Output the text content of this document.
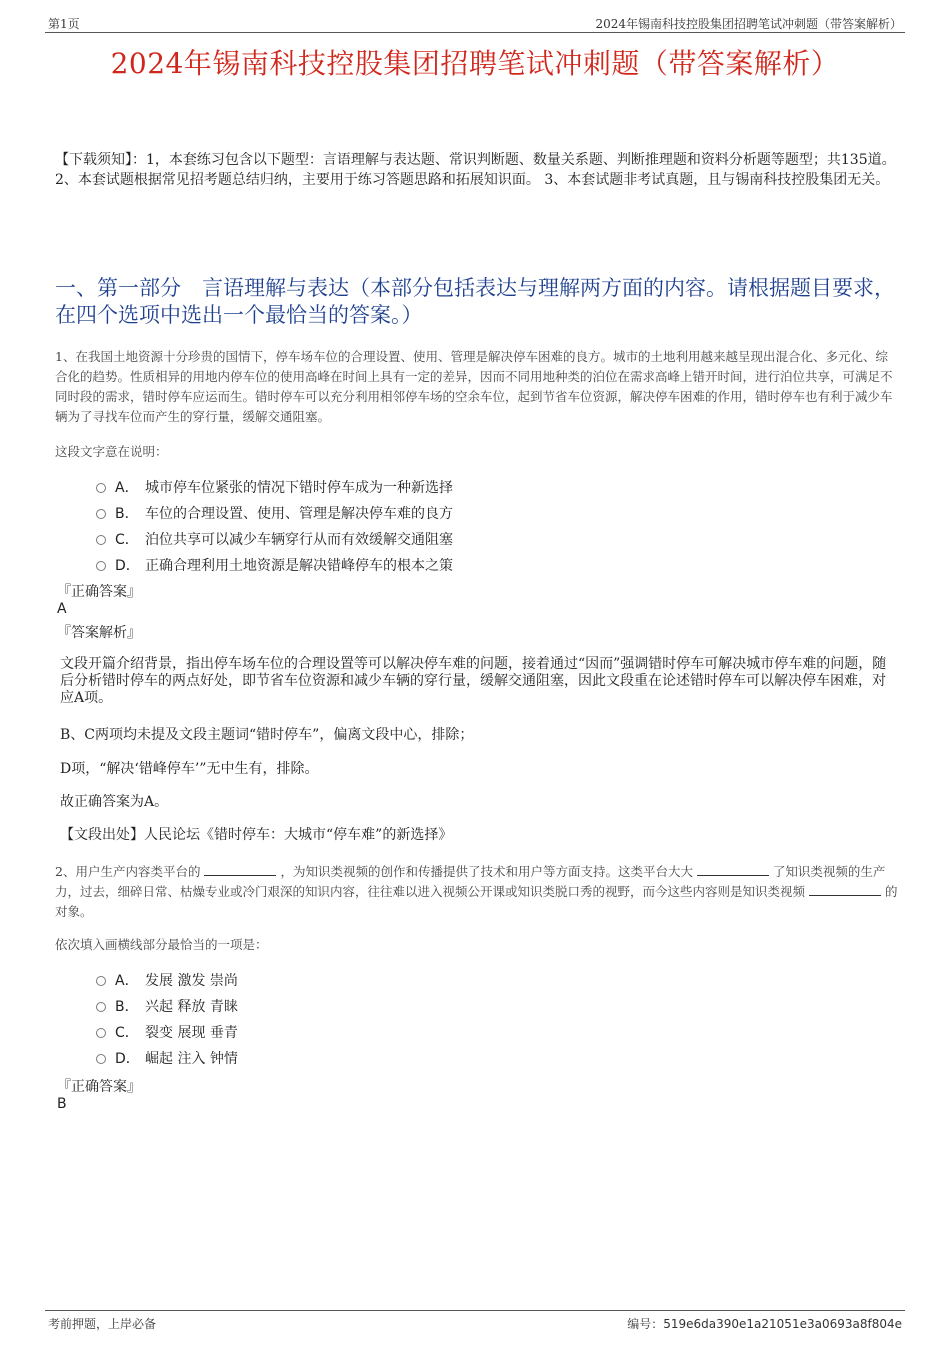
第1页	2024年锡南科技控股集团招聘笔试冲刺题（带答案解析）
2024年锡南科技控股集团招聘笔试冲刺题（带答案解析）
【下载须知】：1，本套练习包含以下题型：言语理解与表达题、常识判断题、数量关系题、判断推理题和资料分析题等题型；共135道。 2、本套试题根据常见招考题总结归纳，主要用于练习答题思路和拓展知识面。 3、本套试题非考试真题，且与锡南科技控股集团无关。
一、第一部分　言语理解与表达（本部分包括表达与理解两方面的内容。请根据题目要求，在四个选项中选出一个最恰当的答案。）
1、在我国土地资源十分珍贵的国情下，停车场车位的合理设置、使用、管理是解决停车困难的良方。城市的土地利用越来越呈现出混合化、多元化、综合化的趋势。性质相异的用地内停车位的使用高峰在时间上具有一定的差异，因而不同用地种类的泊位在需求高峰上错开时间，进行泊位共享，可满足不同时段的需求，错时停车应运而生。错时停车可以充分利用相邻停车场的空余车位，起到节省车位资源，解决停车困难的作用，错时停车也有利于减少车辆为了寻找车位而产生的穿行量，缓解交通阻塞。
这段文字意在说明：
A． 城市停车位紧张的情况下错时停车成为一种新选择
B． 车位的合理设置、使用、管理是解决停车难的良方
C． 泊位共享可以减少车辆穿行从而有效缓解交通阻塞
D． 正确合理利用土地资源是解决错峰停车的根本之策
『正确答案』
A
『答案解析』
文段开篇介绍背景，指出停车场车位的合理设置等可以解决停车难的问题，接着通过“因而”强调错时停车可解决城市停车难的问题，随后分析错时停车的两点好处，即节省车位资源和减少车辆的穿行量，缓解交通阻塞，因此文段重在论述错时停车可以解决停车困难，对应A项。
B、C两项均未提及文段主题词“错时停车”，偏离文段中心，排除；
D项，“解决‘错峰停车’”无中生有，排除。
故正确答案为A。
【文段出处】人民论坛《错时停车：大城市“停车难”的新选择》
2、用户生产内容类平台的	，为知识类视频的创作和传播提供了技术和用户等方面支持。这类平台大大	了知识类视频的生产力，过去，细碎日常、枯燥专业或冷门艰深的知识内容，往往难以进入视频公开课或知识类脱口秀的视野，而今这些内容则是知识类视频	的对象。
依次填入画横线部分最恰当的一项是：
A． 发展 激发 崇尚
B． 兴起 释放 青睐
C． 裂变 展现 垂青
D． 崛起 注入 钟情
『正确答案』
B
考前押题，上岸必备	编号：519e6da390e1a21051e3a0693a8f804e
